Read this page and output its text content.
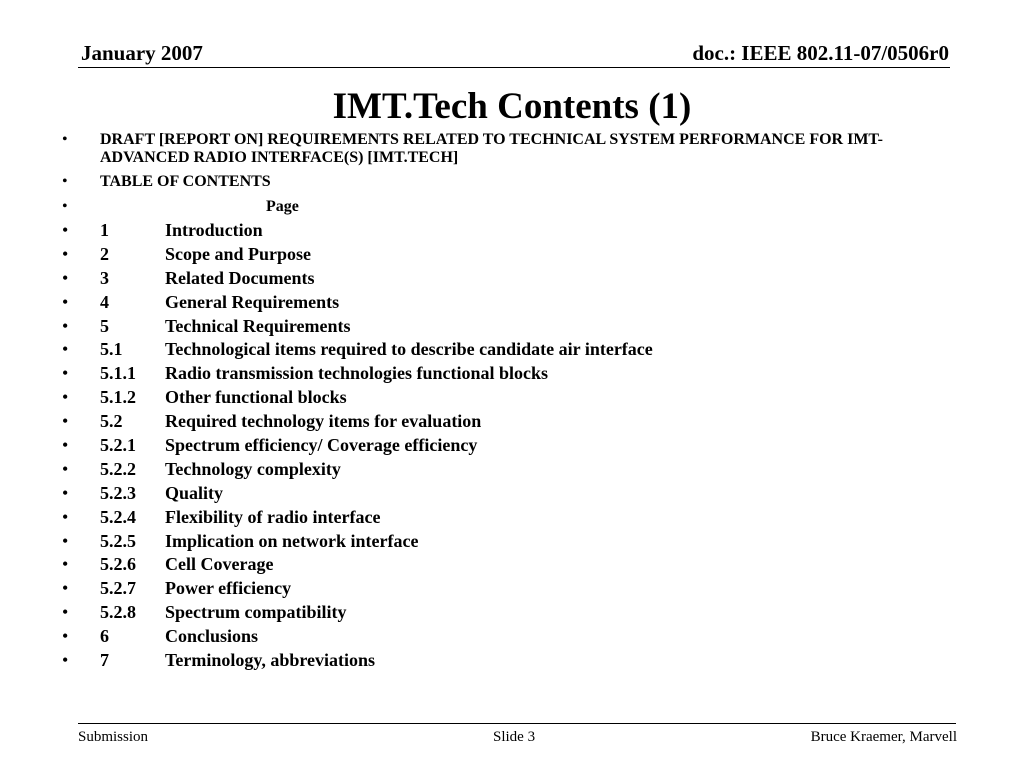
January 2007	doc.: IEEE 802.11-07/0506r0
IMT.Tech Contents (1)
•	DRAFT [REPORT ON] REQUIREMENTS RELATED TO TECHNICAL SYSTEM PERFORMANCE FOR IMT-ADVANCED RADIO INTERFACE(S) [IMT.TECH]
•	TABLE OF CONTENTS
•	Page
•	1	Introduction
•	2	Scope and Purpose
•	3	Related Documents
•	4	General Requirements
•	5	Technical Requirements
•	5.1 Technological items required to describe candidate air interface
•	5.1.1 Radio transmission technologies functional blocks
•	5.1.2 Other functional blocks
•	5.2 Required technology items for evaluation
•	5.2.1 Spectrum efficiency/ Coverage efficiency
•	5.2.2 Technology complexity
•	5.2.3 Quality
•	5.2.4 Flexibility of radio interface
•	5.2.5 Implication on network interface
•	5.2.6 Cell Coverage
•	5.2.7 Power efficiency
•	5.2.8 Spectrum compatibility
•	6	Conclusions
•	7	Terminology, abbreviations
Submission	Slide 3	Bruce Kraemer, Marvell
